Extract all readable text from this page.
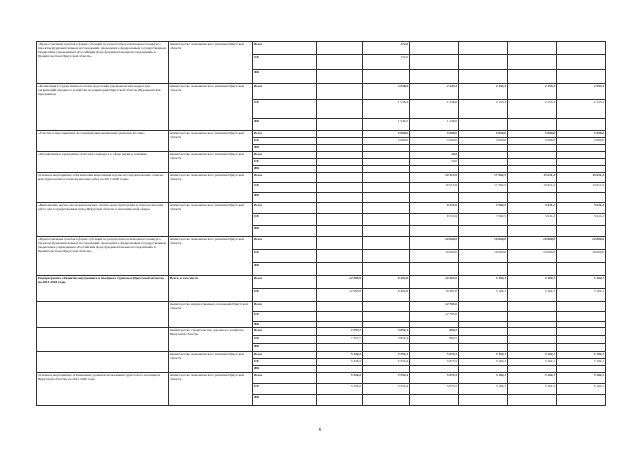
«Предоставление грантов в форме субсидий по результатам регионального конкурса проектов фундаментальных исследований, проводимого федеральным государственным бюджетным учреждением «Российский фонд фундаментальных исследований» в Правительством Иркутской области»	министерство экономического развития Иркутской области	Всего		174,0				
		ОБ		174,0				
		ФБ						
«Реализация Государственного плана подготовки управленческих кадров для организаций народного хозяйства на территории Иркутской области (Президентская программа)»	министерство экономического развития Иркутской области	Всего		3 058,6	2 433,2	2 153,3	2 153,3	2 153,3
		ОБ		1 518,4	1 236,6	2 153,3	2 153,3	2 153,3
		ФБ		1 540,2	1 236,6			
«Участие в мероприятиях Ассоциации инновационных регионов России»	министерство экономического развития Иркутской области	Всего		5 000,0	5 000,0	5 000,0	5 000,0	5 000,0
		ОБ		5 000,0	5 000,0	5 000,0	5 000,0	5 000,0
		ФБ						
«Организация и проведение областного конкурса в сфере науки и техники»	министерство экономического развития Иркутской области	Всего			10,0			
		ОБ			10,0			
		ФБ						
Основное мероприятие «Организация выполнения научно-исследовательских, опытно-конструкторских и технологических работ на 2017-2020 годы»	министерство экономического развития Иркутской области	Всего			19 513,9	17 562,5	15 611,2	15 611,2
		ОБ			19 513,9	17 562,5	15 611,2	15 611,2
		ФБ						
«Выполнение научно-исследовательских, опытно-конструкторских и технологических работ для государственных нужд Иркутской области в экономической сфере»	министерство экономического развития Иркутской области	Всего			9 513,9	7 562,5	5 611,2	5 611,2
		ОБ			9 513,9	7 562,5	5 611,2	5 611,2
		ФБ						
«Предоставление грантов в форме субсидий по результатам регионального конкурса проектов фундаментальных исследований, проводимого федеральным государственным бюджетным учреждением «Российский фонд фундаментальных исследований» и Правительством Иркутской области»	министерство экономического развития Иркутской области	Всего			10 000,0	10 000,0	10 000,0	10 000,0
		ОБ			10 000,0	10 000,0	10 000,0	10 000,0
		ФБ						
Подпрограмма «Развитие внутреннего и въездного туризма в Иркутской области» на 2015-2020 годы	Всего, в том числе	Всего	12 583,9	9 404,8	19 267,0	5 102,1	5 102,1	5 102,1
		ОБ	12 583,9	9 404,8	19 267,0	5 102,1	5 102,1	5 102,1
	министерство имущественных отношений Иркутской области	Всего			12 793,0			
		ОБ			12 793,0			
		ФБ						
	министерство строительства, дорожного хозяйства Иркутской области	Всего	7 257,7	3 852,4	800,5			
		ОБ	7 257,7	3 852,4	800,5			
		ФБ						
	министерство экономического развития Иркутской области	Всего	5 326,2	5 552,4	5 673,5	5 102,1	5 102,1	5 102,1
		ОБ	5 326,2	5 552,4	5 673,5	5 102,1	5 102,1	5 102,1
		ФБ						
Основное мероприятие «Повышение уровня использования туристского потенциала Иркутской области» на 2015-2020 годы	министерство экономического развития Иркутской области	Всего	5 326,2	5 552,4	5 673,5	5 102,1	5 102,1	5 102,1
		ОБ	5 326,2	5 552,4	5 673,5	5 102,1	5 102,1	5 102,1
		ФБ						
6
